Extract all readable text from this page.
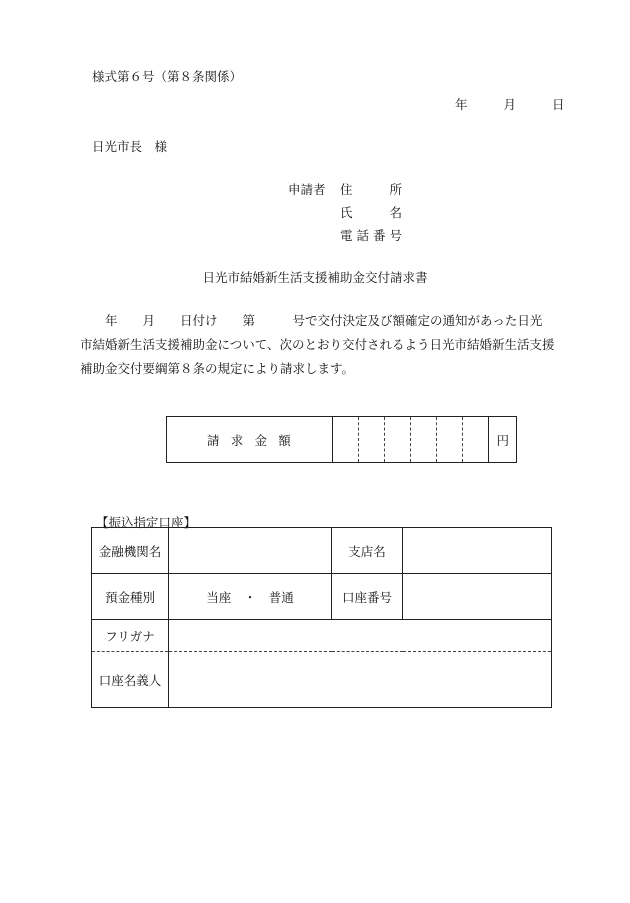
様式第６号（第８条関係）
年	月	日
日光市長　様
申請者 住　所
氏　名
電話番号
日光市結婚新生活支援補助金交付請求書
　　年　　月　　日付け　　第　　　号で交付決定及び額確定の通知があった日光
市結婚新生活支援補助金について、次のとおり交付されるよう日光市結婚新生活支援
補助金交付要綱第８条の規定により請求します。
請求金額							円
【振込指定口座】
金融機関名		支店名	
預金種別	当座　・　普通	口座番号	
フリガナ			
口座名義人			
